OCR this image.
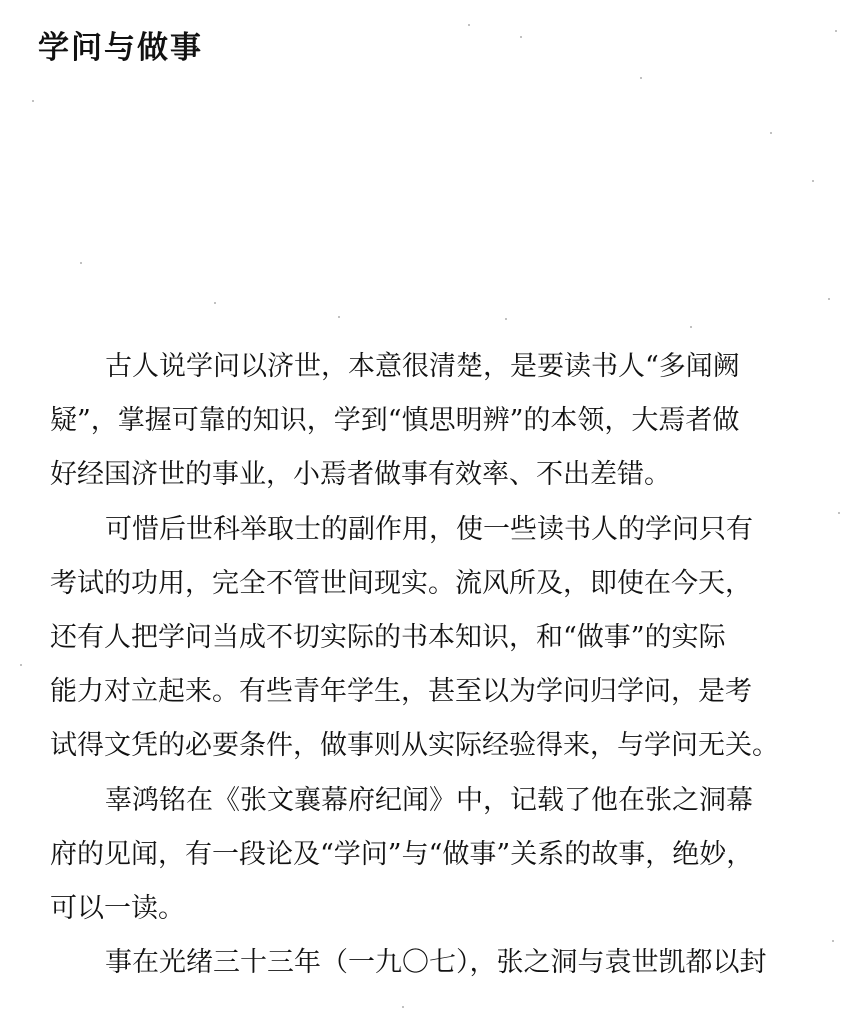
学问与做事
古人说学问以济世，本意很清楚，是要读书人“多闻阙
疑”，掌握可靠的知识，学到“慎思明辨”的本领，大焉者做
好经国济世的事业，小焉者做事有效率、不出差错。
可惜后世科举取士的副作用，使一些读书人的学问只有
考试的功用，完全不管世间现实。流风所及，即使在今天，
还有人把学问当成不切实际的书本知识，和“做事”的实际
能力对立起来。有些青年学生，甚至以为学问归学问，是考
试得文凭的必要条件，做事则从实际经验得来，与学问无关。
辜鸿铭在《张文襄幕府纪闻》中，记载了他在张之洞幕
府的见闻，有一段论及“学问”与“做事”关系的故事，绝妙，
可以一读。
事在光绪三十三年（一九〇七），张之洞与袁世凯都以封
